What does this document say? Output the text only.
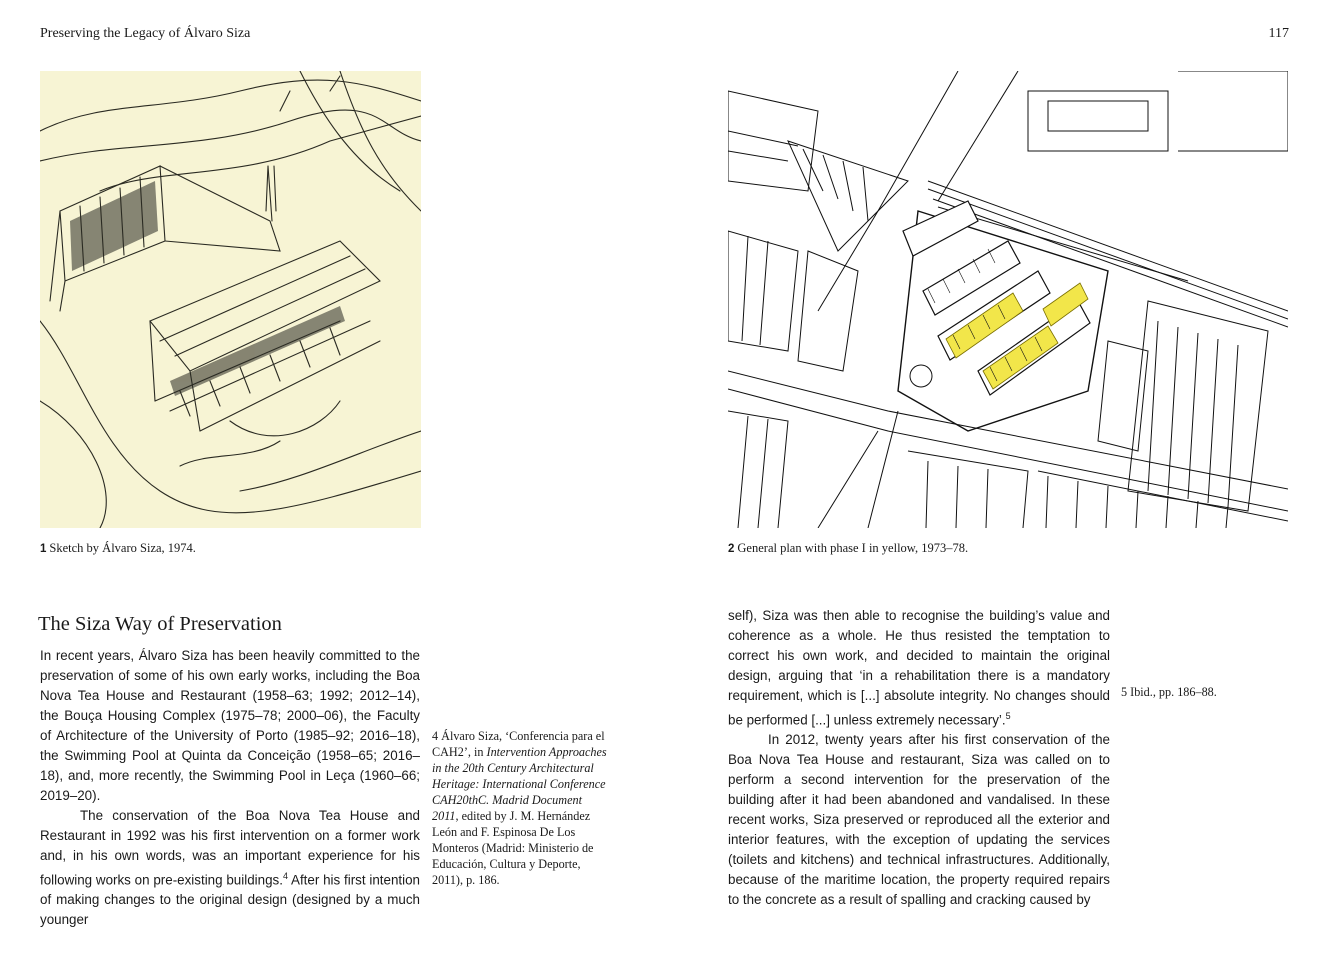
Preserving the Legacy of Álvaro Siza	117
1 Sketch by Álvaro Siza, 1974.	2 General plan with phase I in yellow, 1973–78.
The Siza Way of Preservation

In recent years, Álvaro Siza has been heavily committed to the preservation of some of his own early works, including the Boa Nova Tea House and Restaurant (1958–63; 1992; 2012–14), the Bouça Housing Complex (1975–78; 2000–06), the Faculty of Architecture of the University of Porto (1985–92; 2016–18), the Swimming Pool at Quinta da Conceição (1958–65; 2016–18), and, more recently, the Swimming Pool in Leça (1960–66; 2019–20).

The conservation of the Boa Nova Tea House and Restaurant in 1992 was his first intervention on a former work and, in his own words, was an important experience for his following works on pre-existing buildings.$^4$ After his first intention of making changes to the original design (designed by a much younger

4 Álvaro Siza, ‘Conferencia para el CAH2’, in Intervention Approaches in the 20th Century Architectural Heritage: International Conference CAH20thC. Madrid Document 2011, edited by J. M. Hernández León and F. Espinosa De Los Monteros (Madrid: Ministerio de Educación, Cultura y Deporte, 2011), p. 186.

self), Siza was then able to recognise the building’s value and coherence as a whole. He thus resisted the temptation to correct his own work, and decided to maintain the original design, arguing that ‘in a rehabilitation there is a mandatory requirement, which is [...] absolute integrity. No changes should be performed [...] unless extremely necessary’.$^5$

In 2012, twenty years after his first conservation of the Boa Nova Tea House and restaurant, Siza was called on to perform a second intervention for the preservation of the building after it had been abandoned and vandalised. In these recent works, Siza preserved or reproduced all the exterior and interior features, with the exception of updating the services (toilets and kitchens) and technical infrastructures. Additionally, because of the maritime location, the property required repairs to the concrete as a result of spalling and cracking caused by

5 Ibid., pp. 186–88.
